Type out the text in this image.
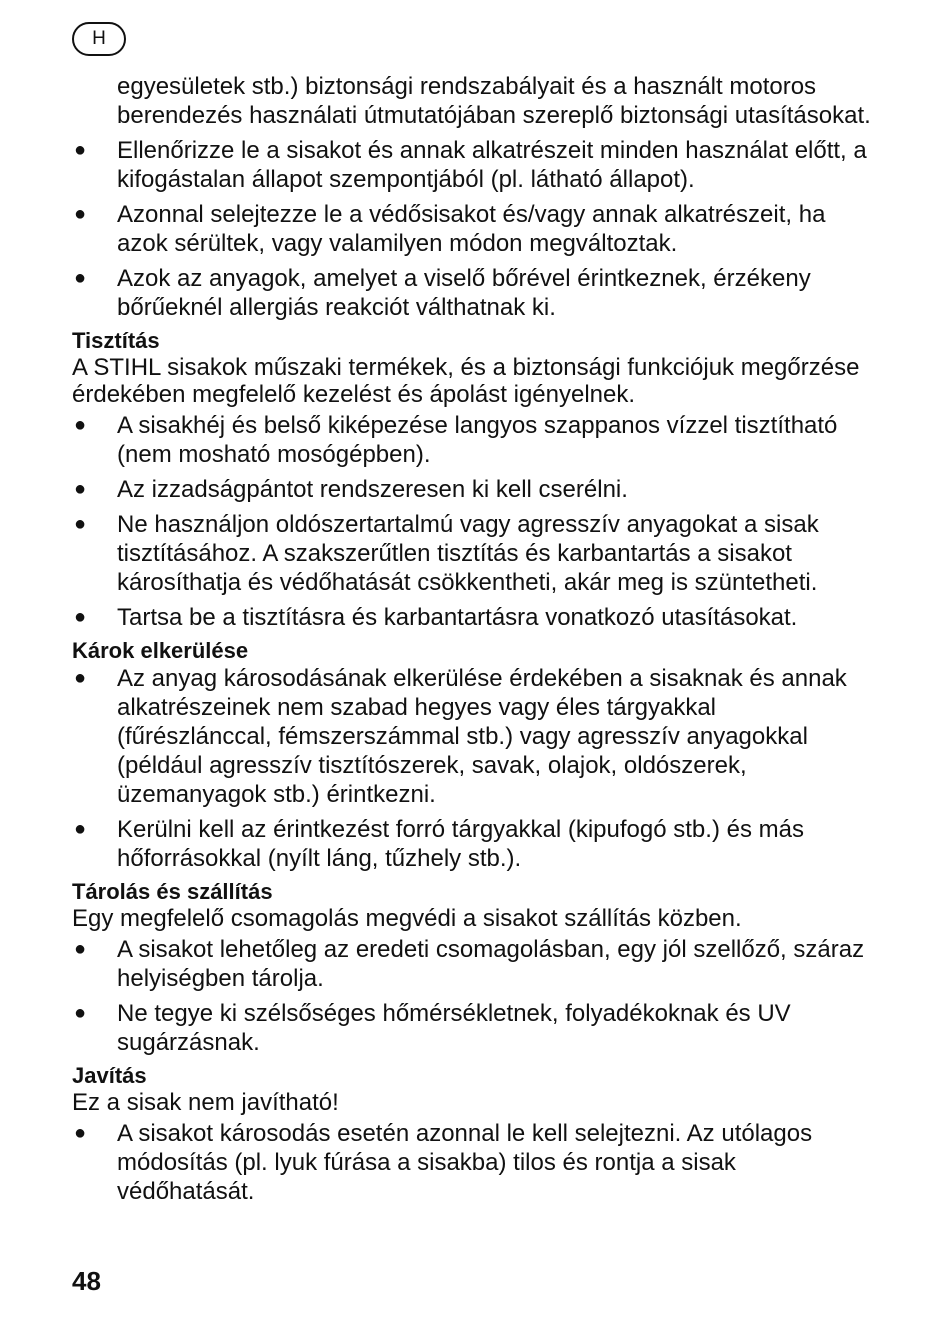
H
egyesületek stb.) biztonsági rendszabályait és a használt motoros berendezés használati útmutatójában szereplő biztonsági utasításokat.
●	Ellenőrizze le a sisakot és annak alkatrészeit minden használat előtt, a kifogástalan állapot szempontjából (pl. látható állapot).
●	Azonnal selejtezze le a védősisakot és/vagy annak alkatrészeit, ha azok sérültek, vagy valamilyen módon megváltoztak.
●	Azok az anyagok, amelyet a viselő bőrével érintkeznek, érzékeny bőrűeknél allergiás reakciót válthatnak ki.
Tisztítás
A STIHL sisakok műszaki termékek, és a biztonsági funkciójuk megőrzése érdekében megfelelő kezelést és ápolást igényelnek.
●	A sisakhéj és belső kiképezése langyos szappanos vízzel tisztítható (nem mosható mosógépben).
●	Az izzadságpántot rendszeresen ki kell cserélni.
●	Ne használjon oldószertartalmú vagy agresszív anyagokat a sisak tisztításához. A szakszerűtlen tisztítás és karbantartás a sisakot károsíthatja és védőhatását csökkentheti, akár meg is szüntetheti.
●	Tartsa be a tisztításra és karbantartásra vonatkozó utasításokat.
Károk elkerülése
●	Az anyag károsodásának elkerülése érdekében a sisaknak és annak alkatrészeinek nem szabad hegyes vagy éles tárgyakkal (fűrészlánccal, fémszerszámmal stb.) vagy agresszív anyagokkal (például agresszív tisztítószerek, savak, olajok, oldószerek, üzemanyagok stb.) érintkezni.
●	Kerülni kell az érintkezést forró tárgyakkal (kipufogó stb.) és más hőforrásokkal (nyílt láng, tűzhely stb.).
Tárolás és szállítás
Egy megfelelő csomagolás megvédi a sisakot szállítás közben.
●	A sisakot lehetőleg az eredeti csomagolásban, egy jól szellőző, száraz helyiségben tárolja.
●	Ne tegye ki szélsőséges hőmérsékletnek, folyadékoknak és UV sugárzásnak.
Javítás
Ez a sisak nem javítható!
●	A sisakot károsodás esetén azonnal le kell selejtezni. Az utólagos módosítás (pl. lyuk fúrása a sisakba) tilos és rontja a sisak védőhatását.
48
